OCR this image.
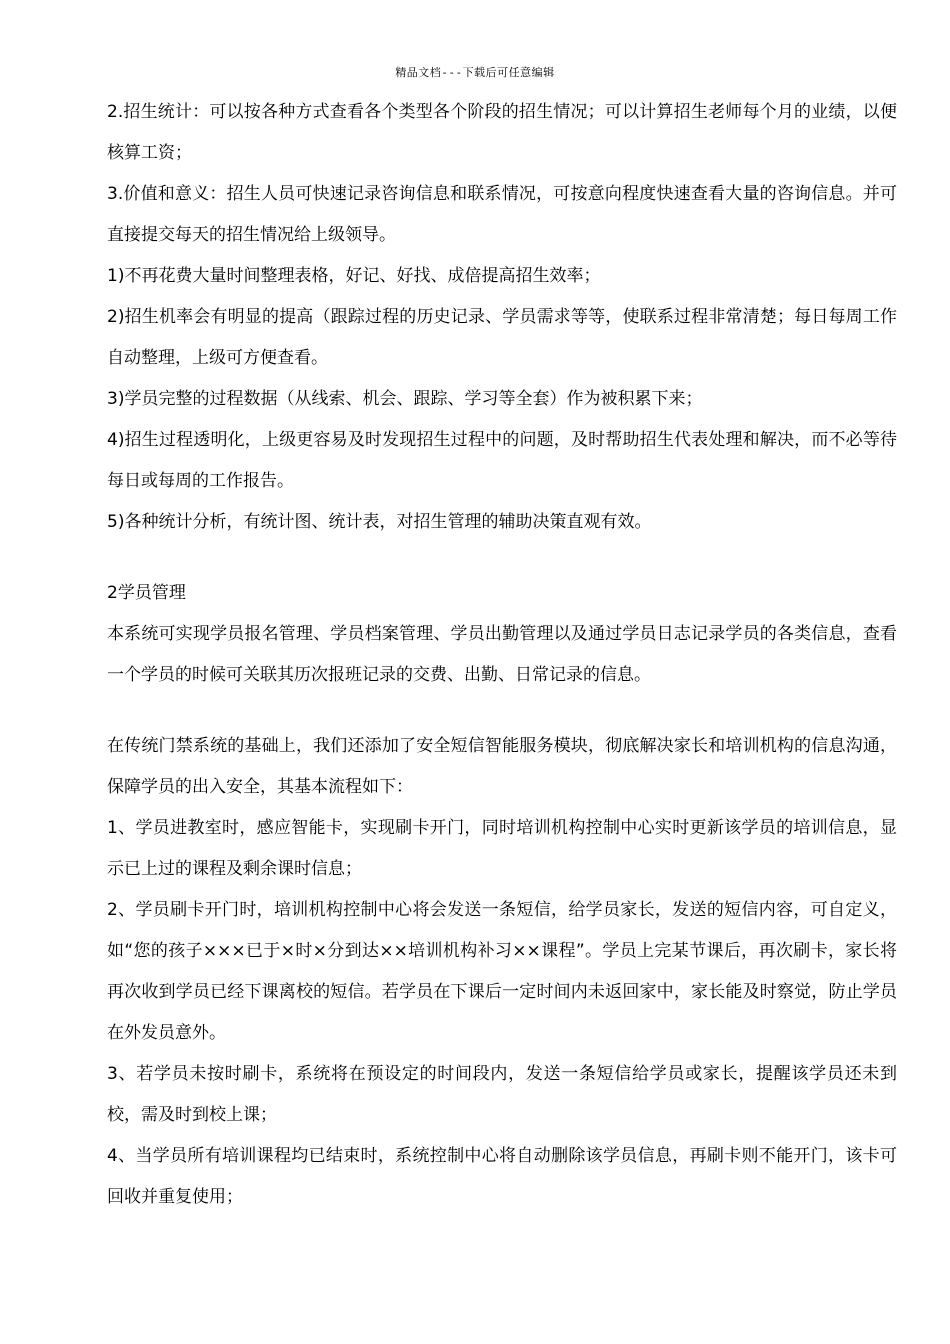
精品文档---下载后可任意编辑

2.招生统计：可以按各种方式查看各个类型各个阶段的招生情况；可以计算招生老师每个月的业绩，以便核算工资；

3.价值和意义：招生人员可快速记录咨询信息和联系情况，可按意向程度快速查看大量的咨询信息。并可直接提交每天的招生情况给上级领导。

1)不再花费大量时间整理表格，好记、好找、成倍提高招生效率；

2)招生机率会有明显的提高（跟踪过程的历史记录、学员需求等等，使联系过程非常清楚；每日每周工作自动整理，上级可方便查看。

3)学员完整的过程数据（从线索、机会、跟踪、学习等全套）作为被积累下来；

4)招生过程透明化，上级更容易及时发现招生过程中的问题，及时帮助招生代表处理和解决，而不必等待每日或每周的工作报告。

5)各种统计分析，有统计图、统计表，对招生管理的辅助决策直观有效。

2学员管理

本系统可实现学员报名管理、学员档案管理、学员出勤管理以及通过学员日志记录学员的各类信息，查看一个学员的时候可关联其历次报班记录的交费、出勤、日常记录的信息。

在传统门禁系统的基础上，我们还添加了安全短信智能服务模块，彻底解决家长和培训机构的信息沟通，保障学员的出入安全，其基本流程如下：

1、学员进教室时，感应智能卡，实现刷卡开门，同时培训机构控制中心实时更新该学员的培训信息，显示已上过的课程及剩余课时信息；

2、学员刷卡开门时，培训机构控制中心将会发送一条短信，给学员家长，发送的短信内容，可自定义，如“您的孩子×××已于×时×分到达××培训机构补习××课程”。学员上完某节课后，再次刷卡，家长将再次收到学员已经下课离校的短信。若学员在下课后一定时间内未返回家中，家长能及时察觉，防止学员在外发员意外。

3、若学员未按时刷卡，系统将在预设定的时间段内，发送一条短信给学员或家长，提醒该学员还未到校，需及时到校上课；

4、当学员所有培训课程均已结束时，系统控制中心将自动删除该学员信息，再刷卡则不能开门，该卡可回收并重复使用；
